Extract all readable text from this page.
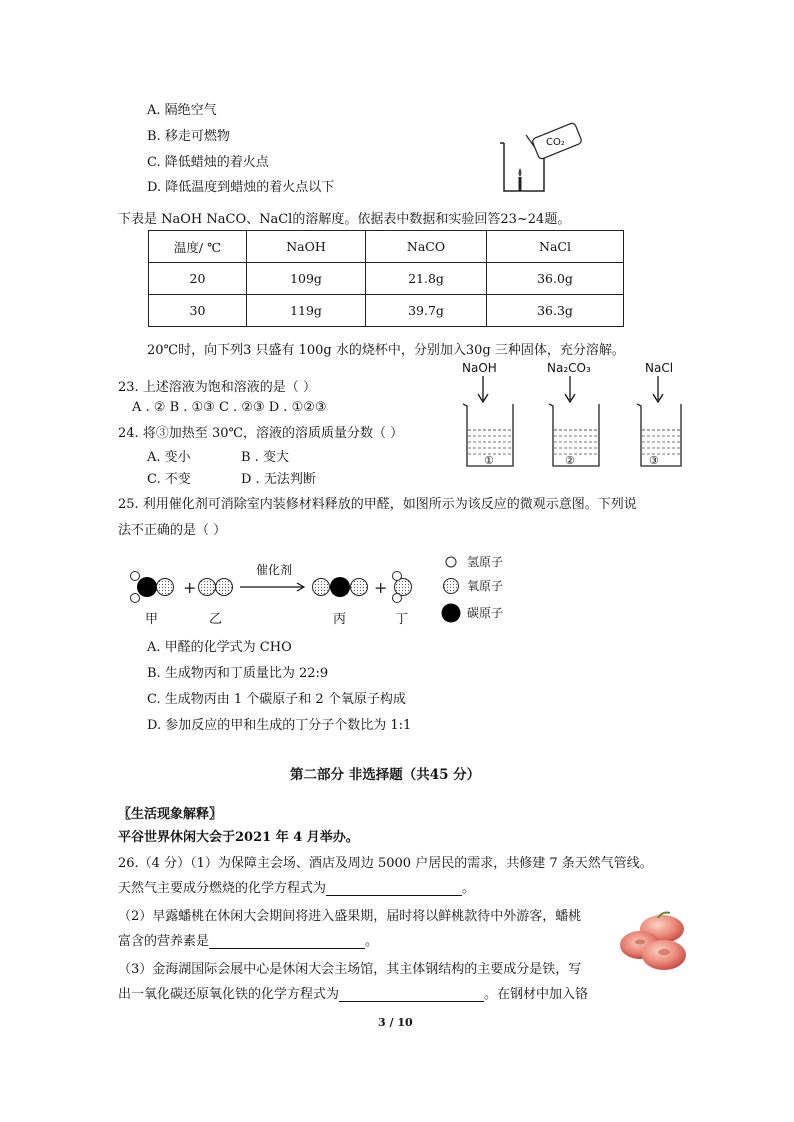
A. 隔绝空气
B. 移走可燃物
C. 降低蜡烛的着火点
D. 降低温度到蜡烛的着火点以下
CO₂
下表是 NaOH NaCO、NaCl的溶解度。依据表中数据和实验回答23~24题。
温度/ ℃	NaOH	NaCO	NaCl
20	109g	21.8g	36.0g
30	119g	39.7g	36.3g
20℃时，向下列3 只盛有 100g 水的烧杯中，分别加入30g 三种固体，充分溶解。
NaOH
①
Na₂CO₃
②
NaCl
③
23. 上述溶液为饱和溶液的是（ ）
A . ② B . ①③ C . ②③ D . ①②③
24. 将③加热至 30℃，溶液的溶质质量分数（ ）
A. 变小	B . 变大
C. 不变	D . 无法判断
25. 利用催化剂可消除室内装修材料释放的甲醛，如图所示为该反应的微观示意图。下列说
法不正确的是（ ）
+
催化剂
+
甲	乙	丙	丁
氢原子
氧原子
碳原子
A. 甲醛的化学式为 CHO
B. 生成物丙和丁质量比为 22:9
C. 生成物丙由 1 个碳原子和 2 个氧原子构成
D. 参加反应的甲和生成的丁分子个数比为 1:1
第二部分 非选择题（共45 分）
〖生活现象解释〗
平谷世界休闲大会于2021 年 4 月举办。
26.（4 分）（1）为保障主会场、酒店及周边 5000 户居民的需求，共修建 7 条天然气管线。
天然气主要成分燃烧的化学方程式为	。
（2）早露蟠桃在休闲大会期间将进入盛果期，届时将以鲜桃款待中外游客，蟠桃
富含的营养素是	。
（3）金海湖国际会展中心是休闲大会主场馆，其主体钢结构的主要成分是铁，写
出一氧化碳还原氧化铁的化学方程式为	。在钢材中加入铬
3 / 10
